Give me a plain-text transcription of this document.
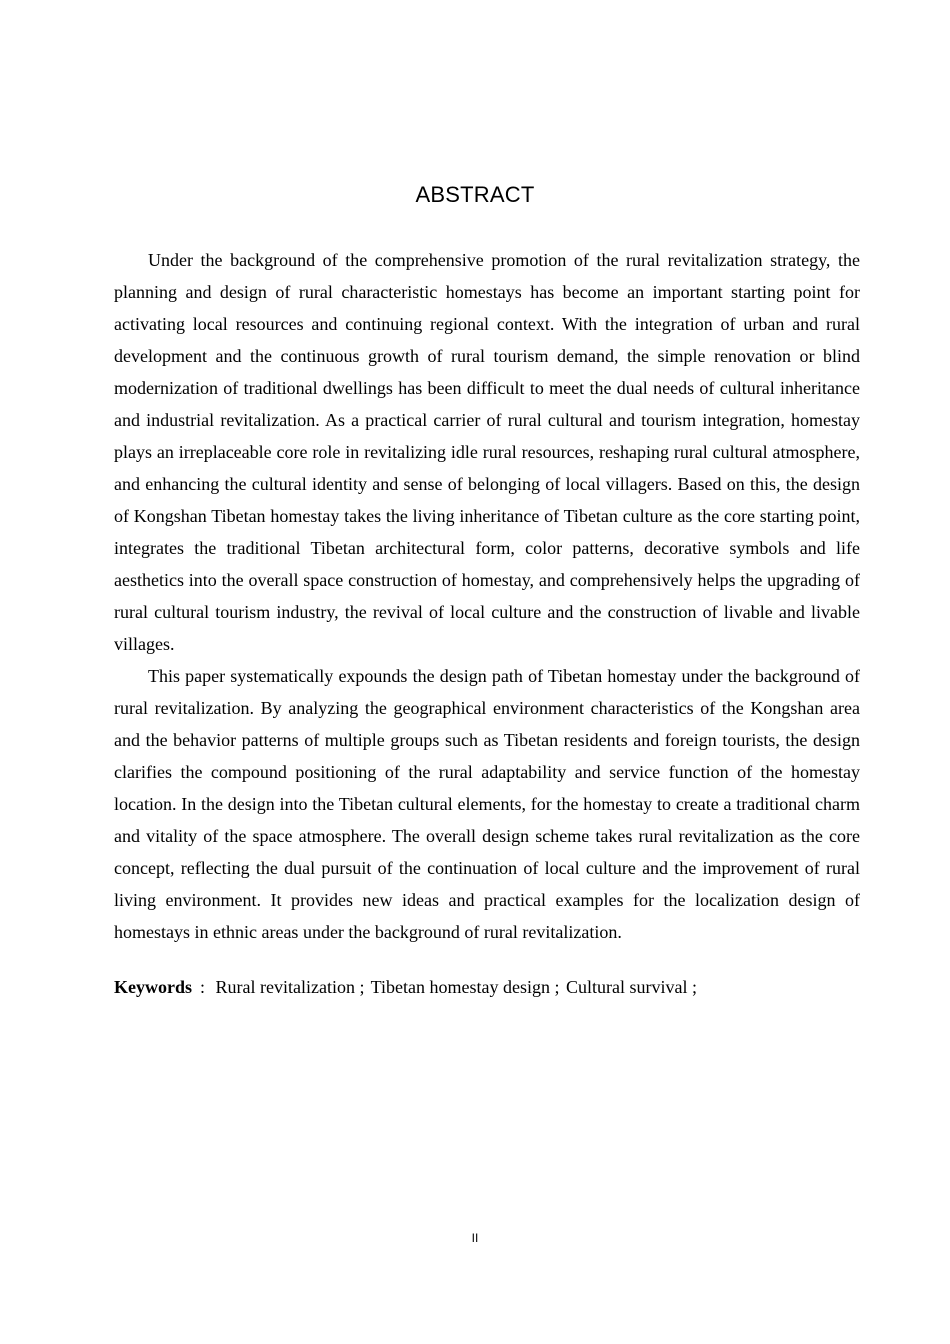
ABSTRACT

Under the background of the comprehensive promotion of the rural revitalization strategy, the planning and design of rural characteristic homestays has become an important starting point for activating local resources and continuing regional context. With the integration of urban and rural development and the continuous growth of rural tourism demand, the simple renovation or blind modernization of traditional dwellings has been difficult to meet the dual needs of cultural inheritance and industrial revitalization. As a practical carrier of rural cultural and tourism integration, homestay plays an irreplaceable core role in revitalizing idle rural resources, reshaping rural cultural atmosphere, and enhancing the cultural identity and sense of belonging of local villagers. Based on this, the design of Kongshan Tibetan homestay takes the living inheritance of Tibetan culture as the core starting point, integrates the traditional Tibetan architectural form, color patterns, decorative symbols and life aesthetics into the overall space construction of homestay, and comprehensively helps the upgrading of rural cultural tourism industry, the revival of local culture and the construction of livable and livable villages.

This paper systematically expounds the design path of Tibetan homestay under the background of rural revitalization. By analyzing the geographical environment characteristics of the Kongshan area and the behavior patterns of multiple groups such as Tibetan residents and foreign tourists, the design clarifies the compound positioning of the rural adaptability and service function of the homestay location. In the design into the Tibetan cultural elements, for the homestay to create a traditional charm and vitality of the space atmosphere. The overall design scheme takes rural revitalization as the core concept, reflecting the dual pursuit of the continuation of local culture and the improvement of rural living environment. It provides new ideas and practical examples for the localization design of homestays in ethnic areas under the background of rural revitalization.

Keywords : Rural revitalization ; Tibetan homestay design ; Cultural survival ;
II
